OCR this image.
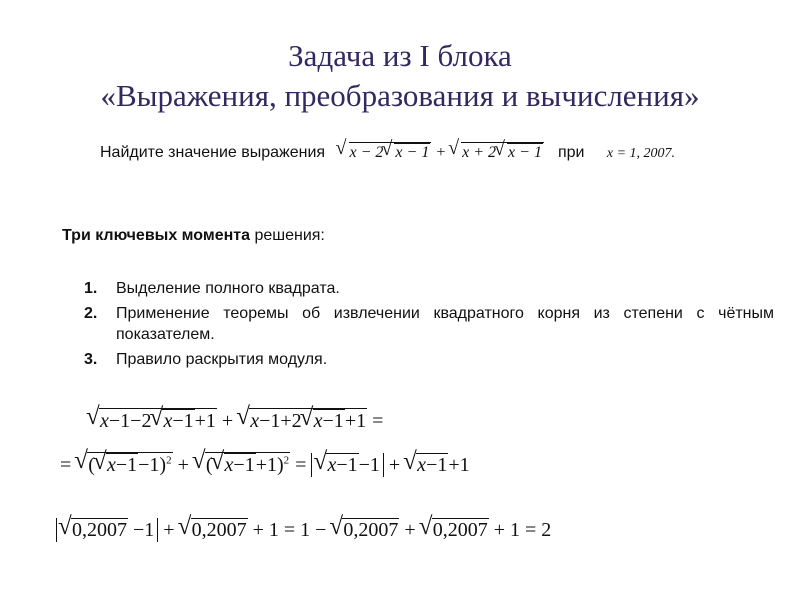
Задача из I блока
«Выражения, преобразования и вычисления»
Найдите значение выражения √ x − 2 √ x − 1 + √ x + 2 √ x − 1 при x = 1, 2007.
Три ключевых момента решения:
1.	Выделение полного квадрата.
2.	Применение теоремы об извлечении квадратного корня из степени с чётным показателем.
3.	Правило раскрытия модуля.
√ x−1−2 √ x−1+1 + √ x−1+2 √ x−1+1 =
= √ ( √ x−1−1)$^2$ + √ ( √ x−1+1)$^2$ = √ x−1−1 + √ x−1+1
√ 0,2007 −1 + √ 0,2007 + 1 = 1 − √ 0,2007 + √ 0,2007 + 1 = 2
